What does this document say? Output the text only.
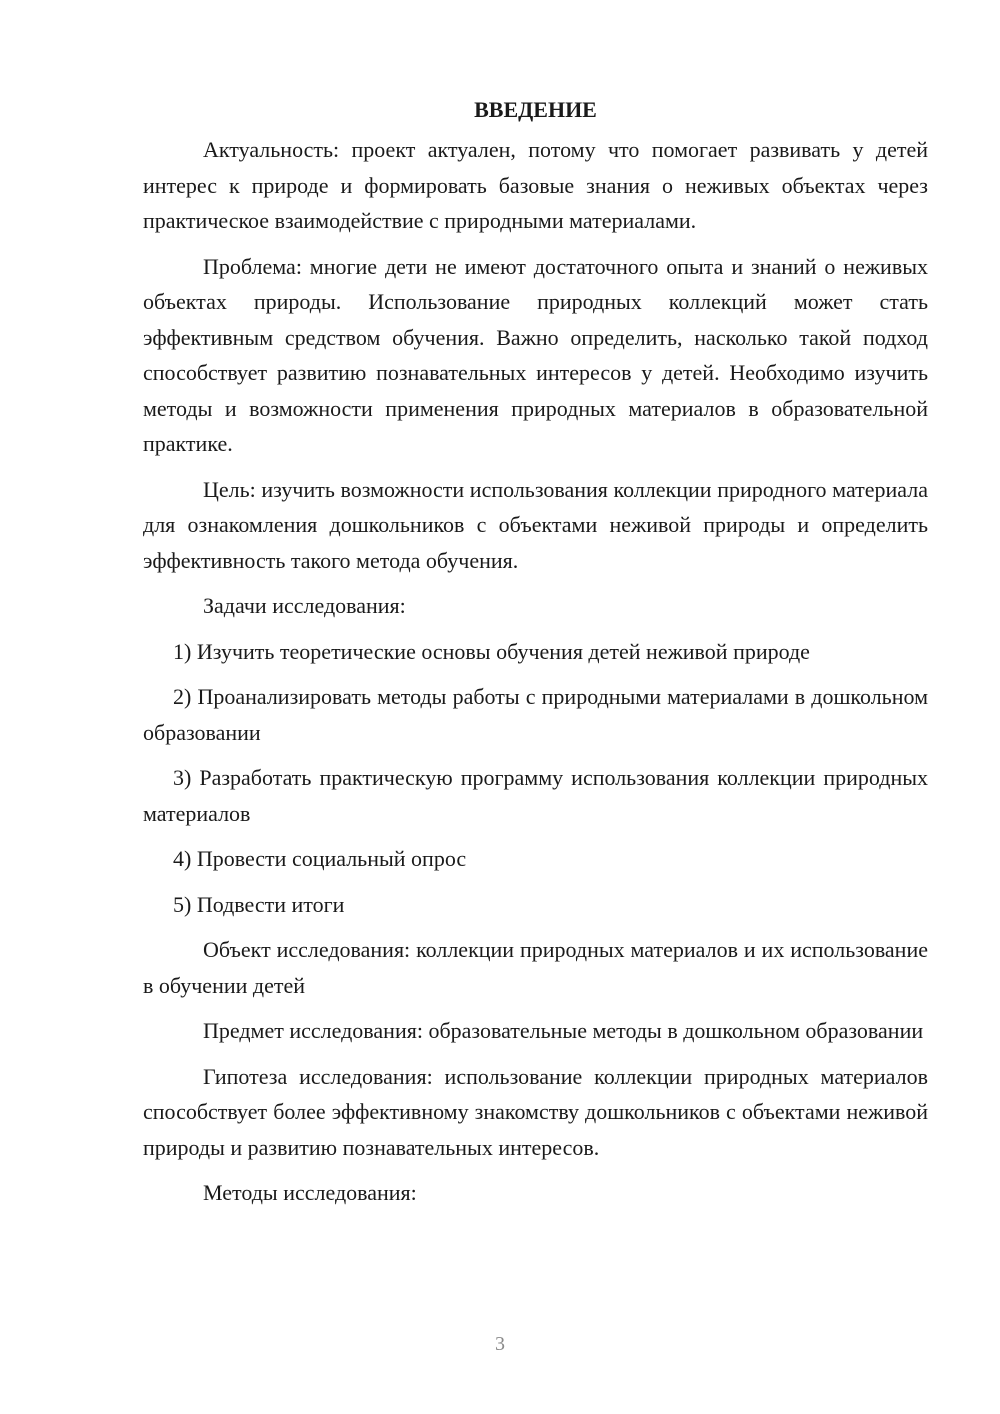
ВВЕДЕНИЕ

Актуальность: проект актуален, потому что помогает развивать у детей интерес к природе и формировать базовые знания о неживых объектах через практическое взаимодействие с природными материалами.

Проблема: многие дети не имеют достаточного опыта и знаний о неживых объектах природы. Использование природных коллекций может стать эффективным средством обучения. Важно определить, насколько такой подход способствует развитию познавательных интересов у детей. Необходимо изучить методы и возможности применения природных материалов в образовательной практике.

Цель: изучить возможности использования коллекции природного материала для ознакомления дошкольников с объектами неживой природы и определить эффективность такого метода обучения.

Задачи исследования:

1) Изучить теоретические основы обучения детей неживой природе

2) Проанализировать методы работы с природными материалами в дошкольном образовании

3) Разработать практическую программу использования коллекции природных материалов

4) Провести социальный опрос

5) Подвести итоги

Объект исследования: коллекции природных материалов и их использование в обучении детей

Предмет исследования: образовательные методы в дошкольном образовании

Гипотеза исследования: использование коллекции природных материалов способствует более эффективному знакомству дошкольников с объектами неживой природы и развитию познавательных интересов.

Методы исследования:

3
